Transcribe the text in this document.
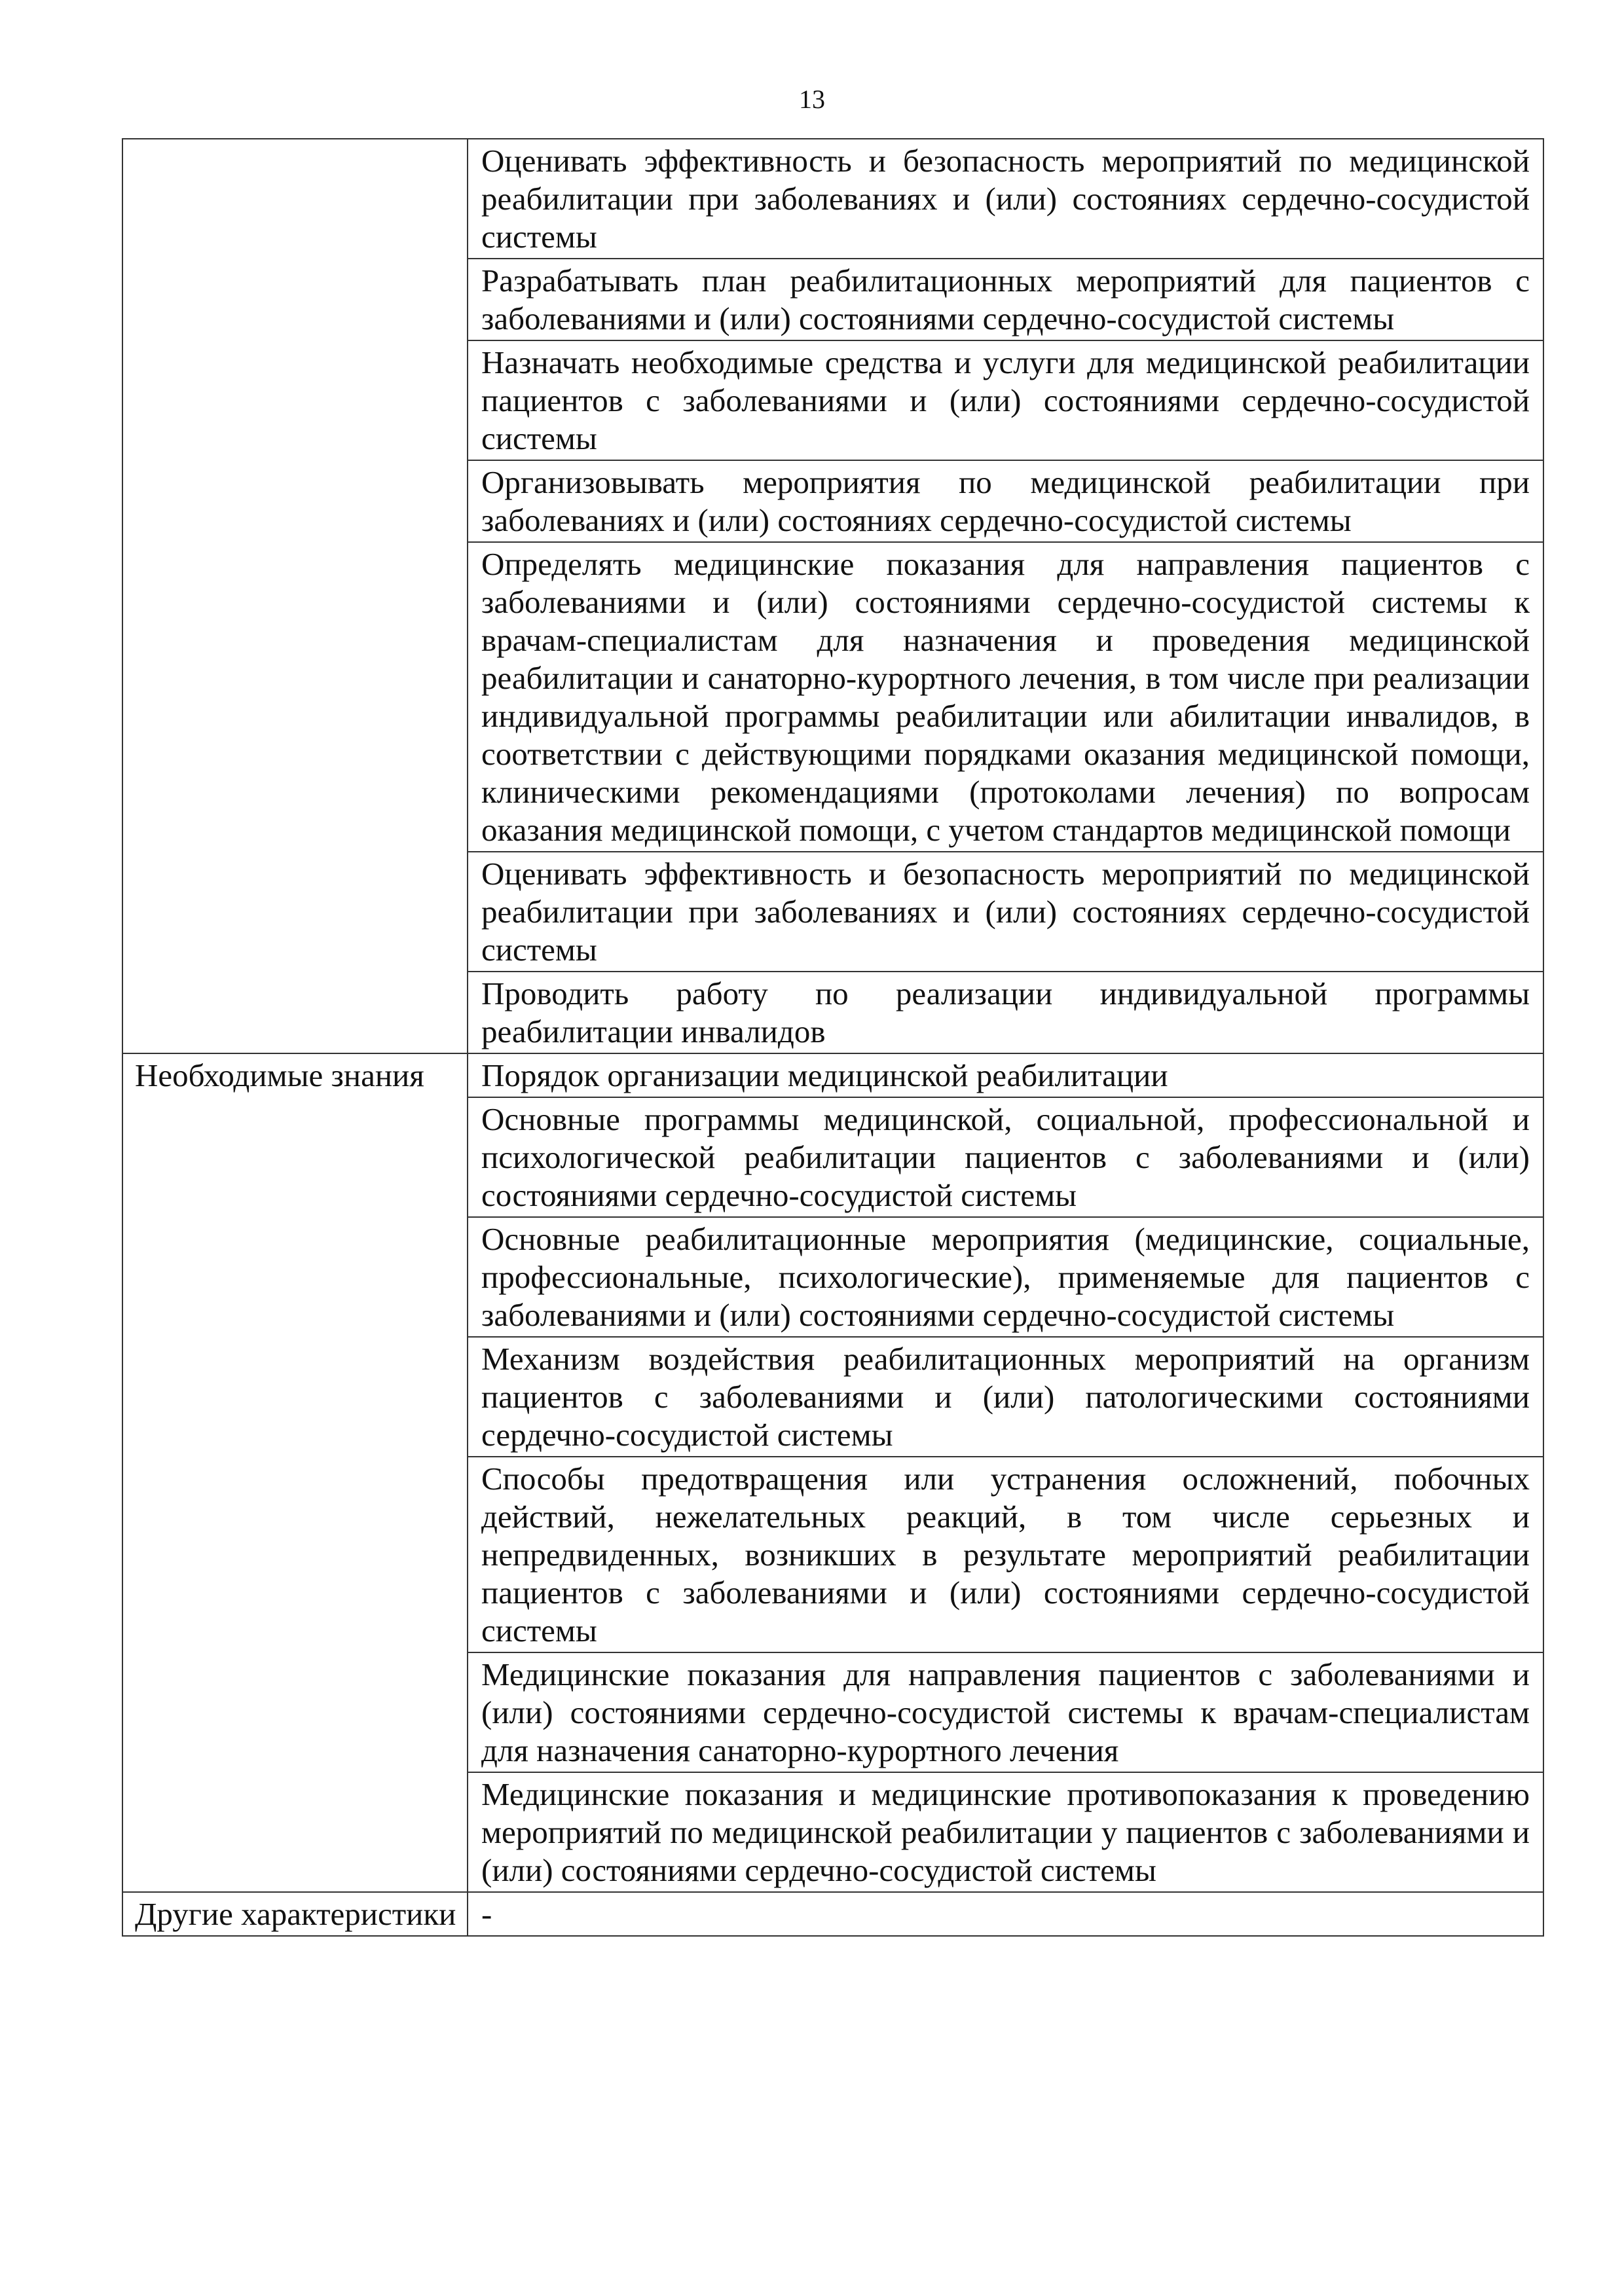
13
	Оценивать эффективность и безопасность мероприятий по медицинской реабилитации при заболеваниях и (или) состояниях сердечно-сосудистой системы
	Разрабатывать план реабилитационных мероприятий для пациентов с заболеваниями и (или) состояниями сердечно-сосудистой системы
	Назначать необходимые средства и услуги для медицинской реабилитации пациентов с заболеваниями и (или) состояниями сердечно-сосудистой системы
	Организовывать мероприятия по медицинской реабилитации при заболеваниях и (или) состояниях сердечно-сосудистой системы
	Определять медицинские показания для направления пациентов с заболеваниями и (или) состояниями сердечно-сосудистой системы к врачам-специалистам для назначения и проведения медицинской реабилитации и санаторно-курортного лечения, в том числе при реализации индивидуальной программы реабилитации или абилитации инвалидов, в соответствии с действующими порядками оказания медицинской помощи, клиническими рекомендациями (протоколами лечения) по вопросам оказания медицинской помощи, с учетом стандартов медицинской помощи
	Оценивать эффективность и безопасность мероприятий по медицинской реабилитации при заболеваниях и (или) состояниях сердечно-сосудистой системы
	Проводить работу по реализации индивидуальной программы реабилитации инвалидов
Необходимые знания	Порядок организации медицинской реабилитации
	Основные программы медицинской, социальной, профессиональной и психологической реабилитации пациентов с заболеваниями и (или) состояниями сердечно-сосудистой системы
	Основные реабилитационные мероприятия (медицинские, социальные, профессиональные, психологические), применяемые для пациентов с заболеваниями и (или) состояниями сердечно-сосудистой системы
	Механизм воздействия реабилитационных мероприятий на организм пациентов с заболеваниями и (или) патологическими состояниями сердечно-сосудистой системы
	Способы предотвращения или устранения осложнений, побочных действий, нежелательных реакций, в том числе серьезных и непредвиденных, возникших в результате мероприятий реабилитации пациентов с заболеваниями и (или) состояниями сердечно-сосудистой системы
	Медицинские показания для направления пациентов с заболеваниями и (или) состояниями сердечно-сосудистой системы к врачам-специалистам для назначения санаторно-курортного лечения
	Медицинские показания и медицинские противопоказания к проведению мероприятий по медицинской реабилитации у пациентов с заболеваниями и (или) состояниями сердечно-сосудистой системы
Другие характеристики	-
